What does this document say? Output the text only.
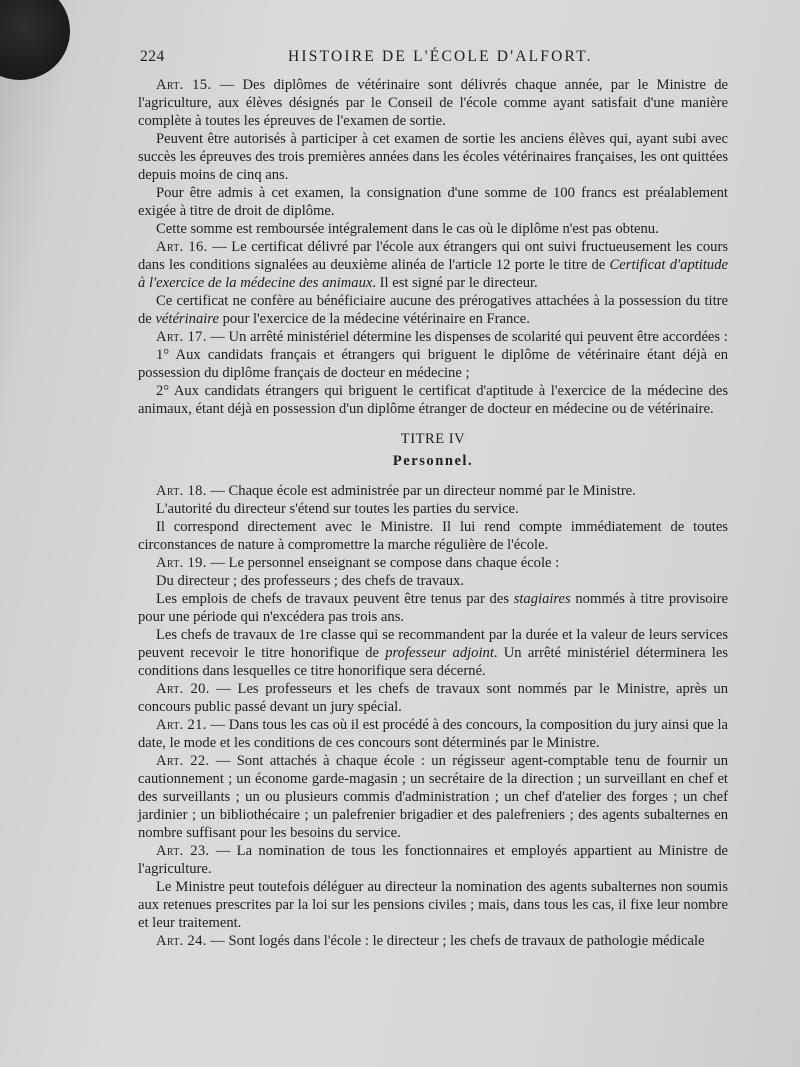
224	HISTOIRE DE L'ÉCOLE D'ALFORT.

Art. 15. — Des diplômes de vétérinaire sont délivrés chaque année, par le Ministre de l'agriculture, aux élèves désignés par le Conseil de l'école comme ayant satisfait d'une manière complète à toutes les épreuves de l'examen de sortie.

Peuvent être autorisés à participer à cet examen de sortie les anciens élèves qui, ayant subi avec succès les épreuves des trois premières années dans les écoles vétérinaires françaises, les ont quittées depuis moins de cinq ans.

Pour être admis à cet examen, la consignation d'une somme de 100 francs est préalablement exigée à titre de droit de diplôme.

Cette somme est remboursée intégralement dans le cas où le diplôme n'est pas obtenu.

Art. 16. — Le certificat délivré par l'école aux étrangers qui ont suivi fructueusement les cours dans les conditions signalées au deuxième alinéa de l'article 12 porte le titre de Certificat d'aptitude à l'exercice de la médecine des animaux. Il est signé par le directeur.

Ce certificat ne confère au bénéficiaire aucune des prérogatives attachées à la possession du titre de vétérinaire pour l'exercice de la médecine vétérinaire en France.

Art. 17. — Un arrêté ministériel détermine les dispenses de scolarité qui peuvent être accordées :

1° Aux candidats français et étrangers qui briguent le diplôme de vétérinaire étant déjà en possession du diplôme français de docteur en médecine ;

2° Aux candidats étrangers qui briguent le certificat d'aptitude à l'exercice de la médecine des animaux, étant déjà en possession d'un diplôme étranger de docteur en médecine ou de vétérinaire.

TITRE IV
Personnel.

Art. 18. — Chaque école est administrée par un directeur nommé par le Ministre.

L'autorité du directeur s'étend sur toutes les parties du service.

Il correspond directement avec le Ministre. Il lui rend compte immédiatement de toutes circonstances de nature à compromettre la marche régulière de l'école.

Art. 19. — Le personnel enseignant se compose dans chaque école :

Du directeur ; des professeurs ; des chefs de travaux.

Les emplois de chefs de travaux peuvent être tenus par des stagiaires nommés à titre provisoire pour une période qui n'excédera pas trois ans.

Les chefs de travaux de 1re classe qui se recommandent par la durée et la valeur de leurs services peuvent recevoir le titre honorifique de professeur adjoint. Un arrêté ministériel déterminera les conditions dans lesquelles ce titre honorifique sera décerné.

Art. 20. — Les professeurs et les chefs de travaux sont nommés par le Ministre, après un concours public passé devant un jury spécial.

Art. 21. — Dans tous les cas où il est procédé à des concours, la composition du jury ainsi que la date, le mode et les conditions de ces concours sont déterminés par le Ministre.

Art. 22. — Sont attachés à chaque école : un régisseur agent-comptable tenu de fournir un cautionnement ; un économe garde-magasin ; un secrétaire de la direction ; un surveillant en chef et des surveillants ; un ou plusieurs commis d'administration ; un chef d'atelier des forges ; un chef jardinier ; un bibliothécaire ; un palefrenier brigadier et des palefreniers ; des agents subalternes en nombre suffisant pour les besoins du service.

Art. 23. — La nomination de tous les fonctionnaires et employés appartient au Ministre de l'agriculture.

Le Ministre peut toutefois déléguer au directeur la nomination des agents subalternes non soumis aux retenues prescrites par la loi sur les pensions civiles ; mais, dans tous les cas, il fixe leur nombre et leur traitement.

Art. 24. — Sont logés dans l'école : le directeur ; les chefs de travaux de pathologie médicale
